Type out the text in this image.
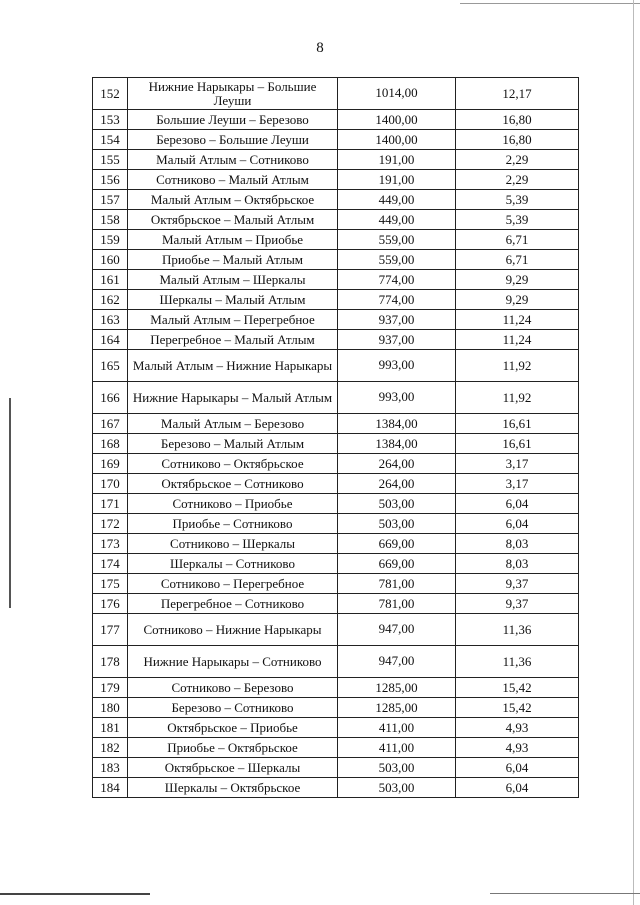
8
152	Нижние Нарыкары – Большие Леуши	1014,00	12,17
153	Большие Леуши – Березово	1400,00	16,80
154	Березово – Большие Леуши	1400,00	16,80
155	Малый Атлым – Сотниково	191,00	2,29
156	Сотниково – Малый Атлым	191,00	2,29
157	Малый Атлым – Октябрьское	449,00	5,39
158	Октябрьское – Малый Атлым	449,00	5,39
159	Малый Атлым – Приобье	559,00	6,71
160	Приобье – Малый Атлым	559,00	6,71
161	Малый Атлым – Шеркалы	774,00	9,29
162	Шеркалы – Малый Атлым	774,00	9,29
163	Малый Атлым – Перегребное	937,00	11,24
164	Перегребное – Малый Атлым	937,00	11,24
165	Малый Атлым – Нижние Нарыкары	993,00	11,92
166	Нижние Нарыкары – Малый Атлым	993,00	11,92
167	Малый Атлым – Березово	1384,00	16,61
168	Березово – Малый Атлым	1384,00	16,61
169	Сотниково – Октябрьское	264,00	3,17
170	Октябрьское – Сотниково	264,00	3,17
171	Сотниково – Приобье	503,00	6,04
172	Приобье – Сотниково	503,00	6,04
173	Сотниково – Шеркалы	669,00	8,03
174	Шеркалы – Сотниково	669,00	8,03
175	Сотниково – Перегребное	781,00	9,37
176	Перегребное – Сотниково	781,00	9,37
177	Сотниково – Нижние Нарыкары	947,00	11,36
178	Нижние Нарыкары – Сотниково	947,00	11,36
179	Сотниково – Березово	1285,00	15,42
180	Березово – Сотниково	1285,00	15,42
181	Октябрьское – Приобье	411,00	4,93
182	Приобье – Октябрьское	411,00	4,93
183	Октябрьское – Шеркалы	503,00	6,04
184	Шеркалы – Октябрьское	503,00	6,04
